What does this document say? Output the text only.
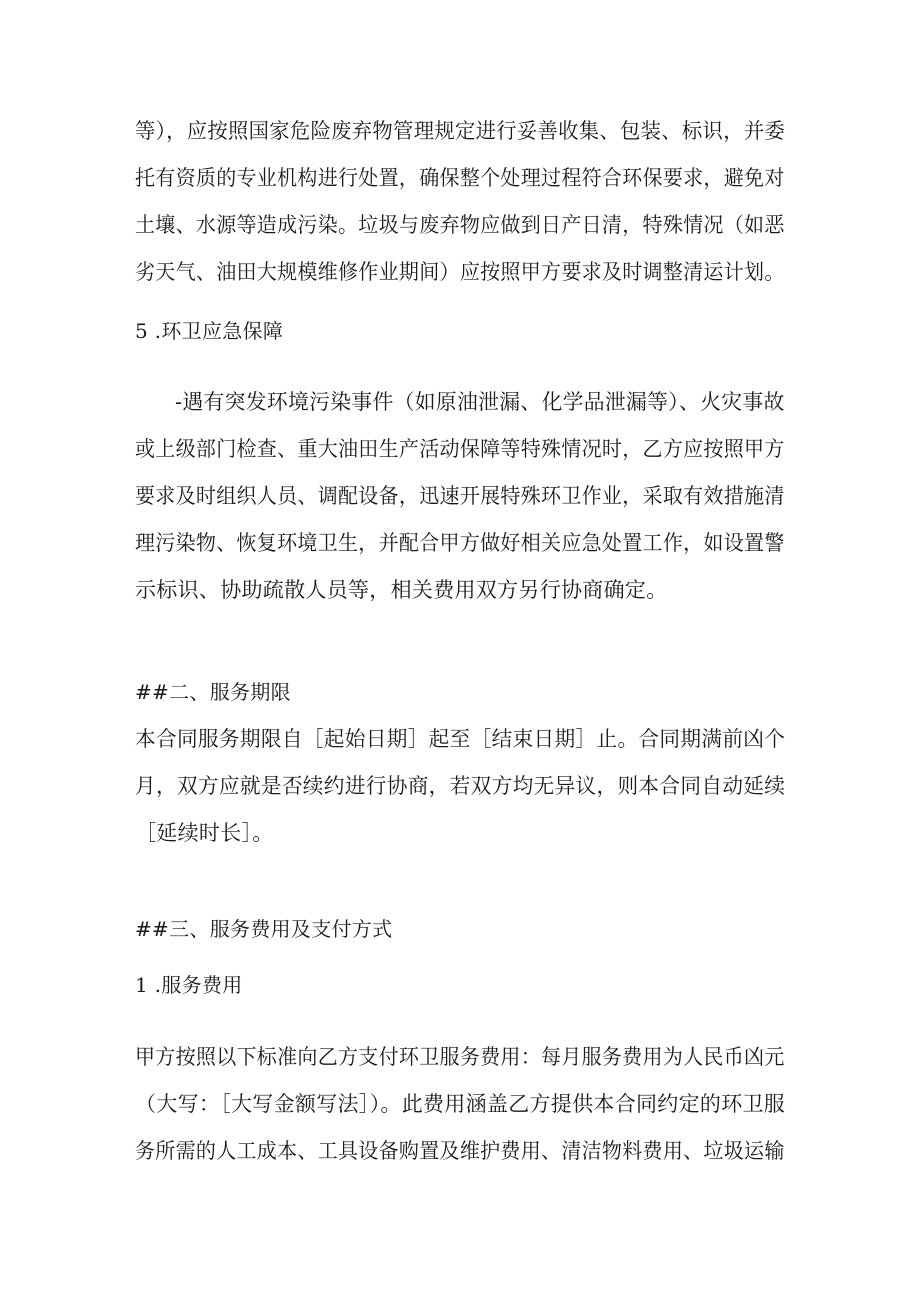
等），应按照国家危险废弃物管理规定进行妥善收集、包装、标识，并委
托有资质的专业机构进行处置，确保整个处理过程符合环保要求，避免对
土壤、水源等造成污染。垃圾与废弃物应做到日产日清，特殊情况（如恶
劣天气、油田大规模维修作业期间）应按照甲方要求及时调整清运计划。
5 .环卫应急保障
-遇有突发环境污染事件（如原油泄漏、化学品泄漏等）、火灾事故
或上级部门检查、重大油田生产活动保障等特殊情况时，乙方应按照甲方
要求及时组织人员、调配设备，迅速开展特殊环卫作业，采取有效措施清
理污染物、恢复环境卫生，并配合甲方做好相关应急处置工作，如设置警
示标识、协助疏散人员等，相关费用双方另行协商确定。
##二、服务期限
本合同服务期限自［起始日期］起至［结束日期］止。合同期满前凶个
月，双方应就是否续约进行协商，若双方均无异议，则本合同自动延续
［延续时长］。
##三、服务费用及支付方式
1 .服务费用
甲方按照以下标准向乙方支付环卫服务费用：每月服务费用为人民币凶元
（大写：［大写金额写法］）。此费用涵盖乙方提供本合同约定的环卫服
务所需的人工成本、工具设备购置及维护费用、清洁物料费用、垃圾运输
